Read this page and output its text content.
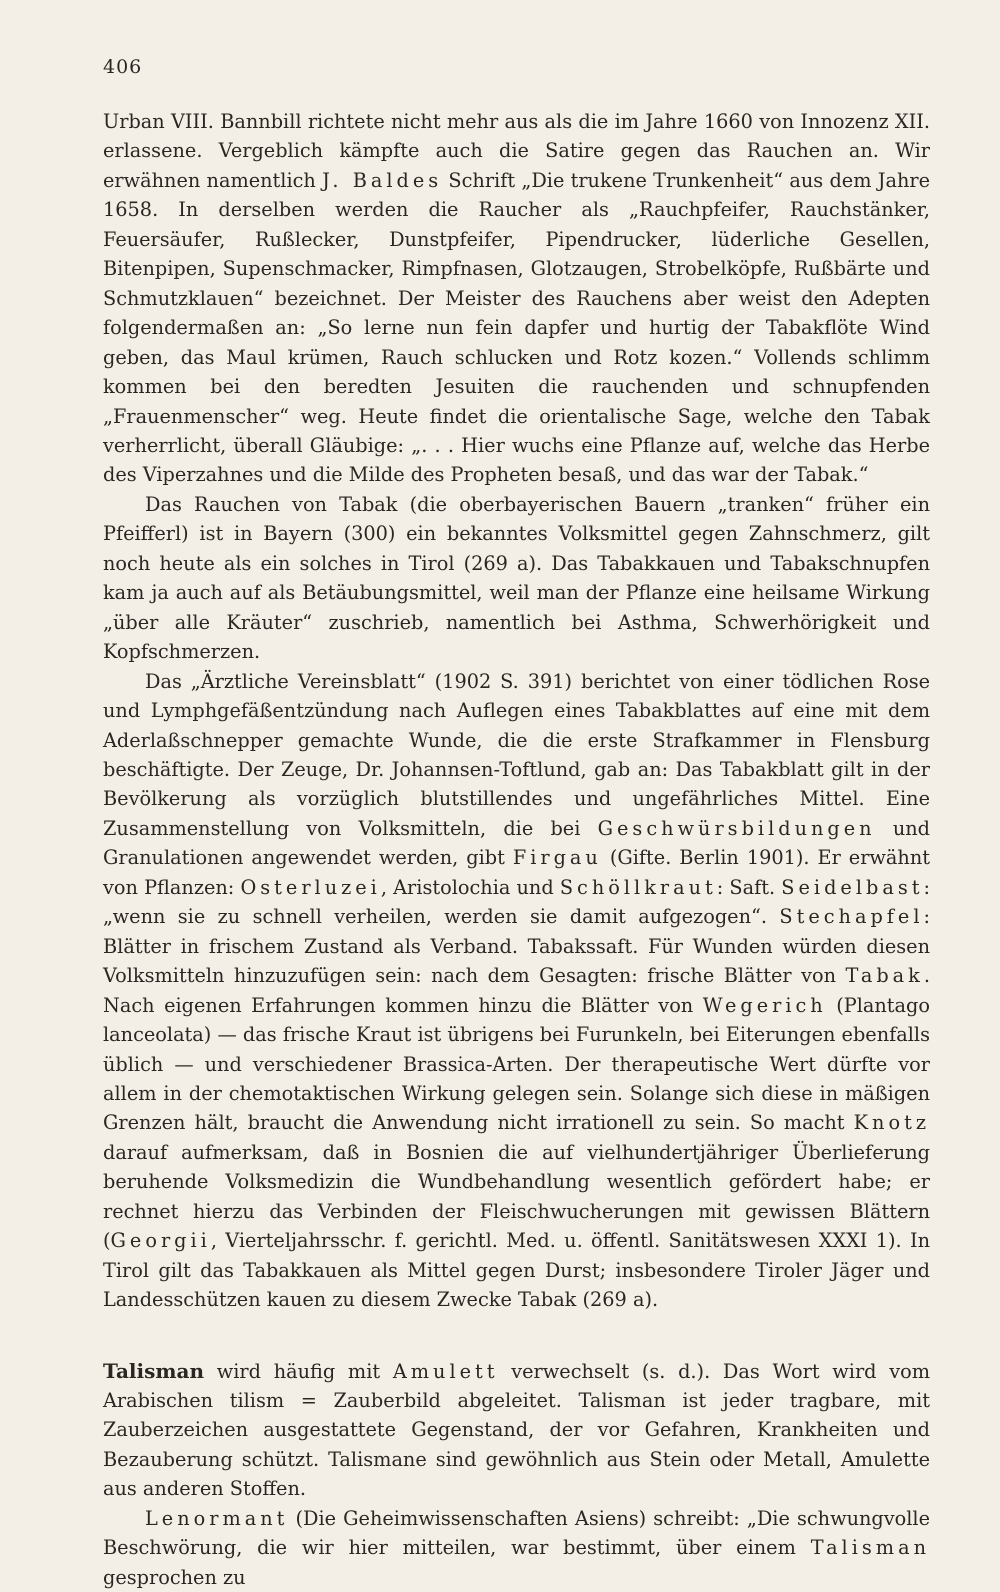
406

Urban VIII. Bannbill richtete nicht mehr aus als die im Jahre 1660 von Innozenz XII. erlassene. Vergeblich kämpfte auch die Satire gegen das Rauchen an. Wir erwähnen namentlich J. Baldes Schrift „Die trukene Trunkenheit“ aus dem Jahre 1658. In derselben werden die Raucher als „Rauchpfeifer, Rauchstänker, Feuersäufer, Rußlecker, Dunstpfeifer, Pipendrucker, lüderliche Gesellen, Bitenpipen, Supenschmacker, Rimpfnasen, Glotzaugen, Strobelköpfe, Rußbärte und Schmutzklauen“ bezeichnet. Der Meister des Rauchens aber weist den Adepten folgendermaßen an: „So lerne nun fein dapfer und hurtig der Tabakflöte Wind geben, das Maul krümen, Rauch schlucken und Rotz kozen.“ Vollends schlimm kommen bei den beredten Jesuiten die rauchenden und schnupfenden „Frauenmenscher“ weg. Heute findet die orientalische Sage, welche den Tabak verherrlicht, überall Gläubige: „. . . Hier wuchs eine Pflanze auf, welche das Herbe des Viperzahnes und die Milde des Propheten besaß, und das war der Tabak.“

Das Rauchen von Tabak (die oberbayerischen Bauern „tranken“ früher ein Pfeifferl) ist in Bayern (300) ein bekanntes Volksmittel gegen Zahnschmerz, gilt noch heute als ein solches in Tirol (269 a). Das Tabakkauen und Tabakschnupfen kam ja auch auf als Betäubungsmittel, weil man der Pflanze eine heilsame Wirkung „über alle Kräuter“ zuschrieb, namentlich bei Asthma, Schwerhörigkeit und Kopfschmerzen.

Das „Ärztliche Vereinsblatt“ (1902 S. 391) berichtet von einer tödlichen Rose und Lymphgefäßentzündung nach Auflegen eines Tabakblattes auf eine mit dem Aderlaßschnepper gemachte Wunde, die die erste Strafkammer in Flensburg beschäftigte. Der Zeuge, Dr. Johannsen-Toftlund, gab an: Das Tabakblatt gilt in der Bevölkerung als vorzüglich blutstillendes und ungefährliches Mittel. Eine Zusammenstellung von Volksmitteln, die bei Geschwürsbildungen und Granulationen angewendet werden, gibt Firgau (Gifte. Berlin 1901). Er erwähnt von Pflanzen: Osterluzei, Aristolochia und Schöllkraut: Saft. Seidelbast: „wenn sie zu schnell verheilen, werden sie damit aufgezogen“. Stechapfel: Blätter in frischem Zustand als Verband. Tabakssaft. Für Wunden würden diesen Volksmitteln hinzuzufügen sein: nach dem Gesagten: frische Blätter von Tabak. Nach eigenen Erfahrungen kommen hinzu die Blätter von Wegerich (Plantago lanceolata) — das frische Kraut ist übrigens bei Furunkeln, bei Eiterungen ebenfalls üblich — und verschiedener Brassica-Arten. Der therapeutische Wert dürfte vor allem in der chemotaktischen Wirkung gelegen sein. Solange sich diese in mäßigen Grenzen hält, braucht die Anwendung nicht irrationell zu sein. So macht Knotz darauf aufmerksam, daß in Bosnien die auf vielhundertjähriger Überlieferung beruhende Volksmedizin die Wundbehandlung wesentlich gefördert habe; er rechnet hierzu das Verbinden der Fleischwucherungen mit gewissen Blättern (Georgii, Vierteljahrsschr. f. gerichtl. Med. u. öffentl. Sanitätswesen XXXI 1). In Tirol gilt das Tabakkauen als Mittel gegen Durst; insbesondere Tiroler Jäger und Landesschützen kauen zu diesem Zwecke Tabak (269 a).

Talisman wird häufig mit Amulett verwechselt (s. d.). Das Wort wird vom Arabischen tilism = Zauberbild abgeleitet. Talisman ist jeder tragbare, mit Zauberzeichen ausgestattete Gegenstand, der vor Gefahren, Krankheiten und Bezauberung schützt. Talismane sind gewöhnlich aus Stein oder Metall, Amulette aus anderen Stoffen.

Lenormant (Die Geheimwissenschaften Asiens) schreibt: „Die schwungvolle Beschwörung, die wir hier mitteilen, war bestimmt, über einem Talisman gesprochen zu
